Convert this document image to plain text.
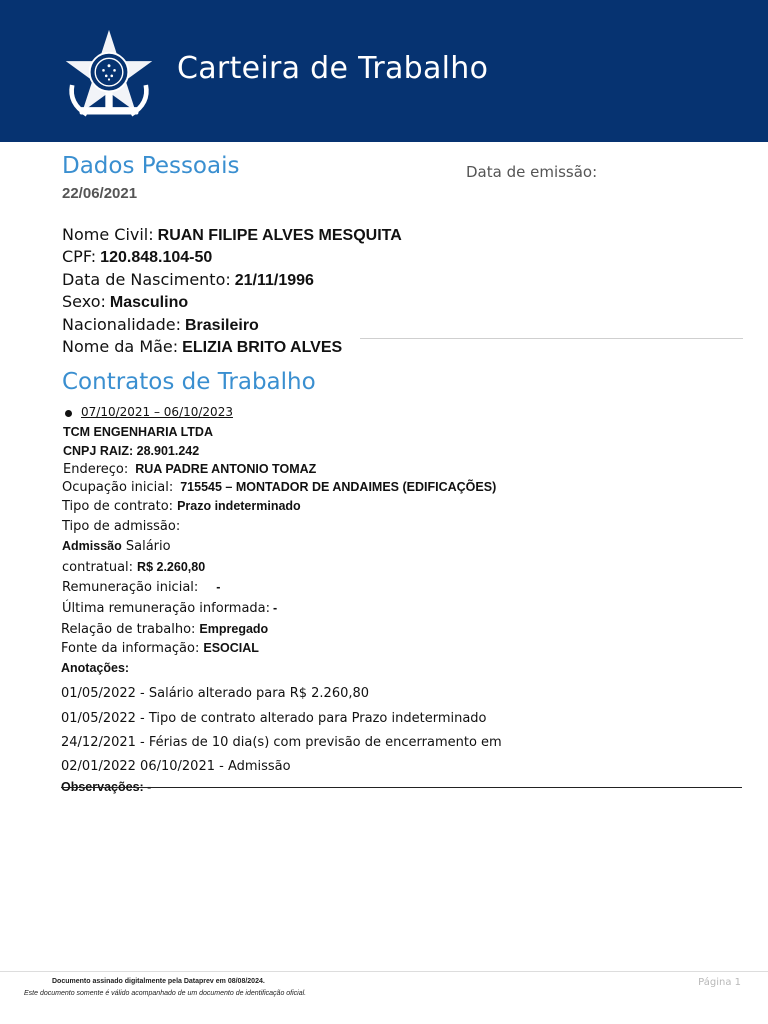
Carteira de Trabalho
Dados Pessoais	Data de emissão:
22/06/2021
Nome Civil: RUAN FILIPE ALVES MESQUITA
CPF: 120.848.104-50
Data de Nascimento: 21/11/1996
Sexo: Masculino
Nacionalidade: Brasileiro
Nome da Mãe: ELIZIA BRITO ALVES
Contratos de Trabalho
07/10/2021 – 06/10/2023
TCM ENGENHARIA LTDA
CNPJ RAIZ: 28.901.242
Endereço: RUA PADRE ANTONIO TOMAZ
Ocupação inicial: 715545 – MONTADOR DE ANDAIMES (EDIFICAÇÕES)
Tipo de contrato: Prazo indeterminado
Tipo de admissão:
Admissão Salário
contratual: R$ 2.260,80
Remuneração inicial: -
Última remuneração informada: -
Relação de trabalho: Empregado
Fonte da informação: ESOCIAL
Anotações:
01/05/2022 - Salário alterado para R$ 2.260,80
01/05/2022 - Tipo de contrato alterado para Prazo indeterminado
24/12/2021 - Férias de 10 dia(s) com previsão de encerramento em
02/01/2022 06/10/2021 - Admissão
Observações: -
Documento assinado digitalmente pela Dataprev em 08/08/2024.
Este documento somente é válido acompanhado de um documento de identificação oficial.
Página 1
